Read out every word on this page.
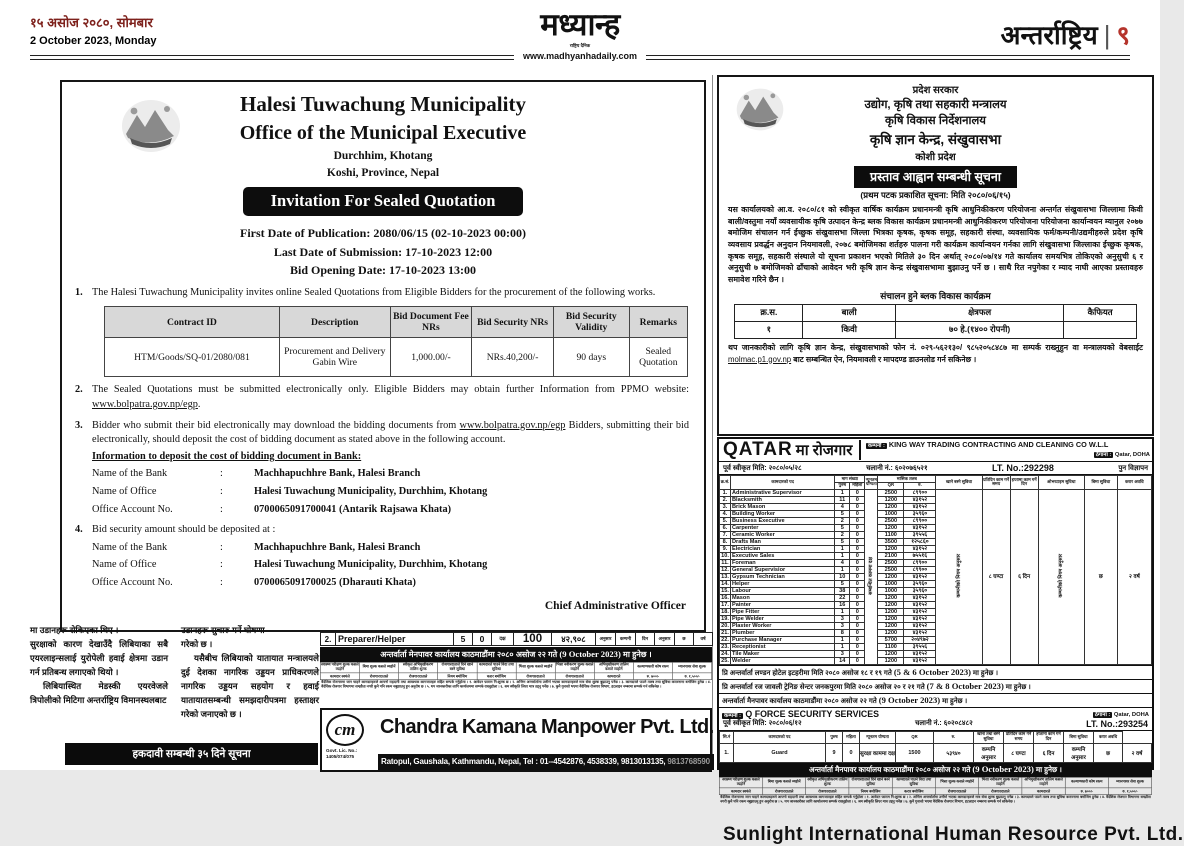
१५ असोज २०८०, सोमबार
2 October 2023, Monday	मध्यान्ह
राष्ट्रिय दैनिक	अन्तर्राष्ट्रिय | ९
www.madhyanhadaily.com
Halesi Tuwachung Municipality
Office of the Municipal Executive
Durchhim, Khotang
Koshi, Province, Nepal
Invitation For Sealed Quotation
First Date of Publication: 2080/06/15 (02-10-2023 00:00)
Last Date of Submission: 17-10-2023 12:00
Bid Opening Date: 17-10-2023 13:00
1. The Halesi Tuwachung Municipality invites online Sealed Quotations from Eligible Bidders for the procurement of the following works.
Contract ID	Description	Bid Document Fee NRs	Bid Security NRs	Bid Security Validity	Remarks
HTM/Goods/SQ-01/2080/081	Procurement and Delivery Gabin Wire	1,000.00/-	NRs.40,200/-	90 days	Sealed Quotation
2. The Sealed Quotations must be submitted electronically only. Eligible Bidders may obtain further Information from PPMO website: www.bolpatra.gov.np/egp.
3. Bidder who submit their bid electronically may download the bidding documents from www.bolpatra.gov.np/egp Bidders, submitting their bid electronically, should deposit the cost of bidding document as stated above in the following account.
Information to deposit the cost of bidding document in Bank:
Name of the Bank	:	Machhapuchhre Bank, Halesi Branch
Name of Office	:	Halesi Tuwachung Municipality, Durchhim, Khotang
Office Account No.	:	0700065091700041 (Antarik Rajsawa Khata)
4. Bid security amount should be deposited at :
Name of the Bank	:	Machhapuchhre Bank, Halesi Branch
Name of Office	:	Halesi Tuwachung Municipality, Durchhim, Khotang
Office Account No.	:	0700065091700025 (Dharauti Khata)
Chief Administrative Officer
प्रदेश सरकार
उद्योग, कृषि तथा सहकारी मन्त्रालय
कृषि विकास निर्देशनालय
कृषि ज्ञान केन्द्र, संखुवासभा
कोशी प्रदेश
प्रस्ताव आह्वान सम्बन्धी सूचना
(प्रथम पटक प्रकाशित सूचना: मिति २०८०/०६/१५)
यस कार्यालयको आ.व. २०८०/८१ को स्वीकृत वार्षिक कार्यक्रम प्रधानमन्त्री कृषि आधुनिकीकरण परियोजना अन्तर्गत संखुवासभा जिल्लामा किवी बाली/वस्तुमा नयाँ व्यवसायीक कृषि उत्पादन केन्द्र ब्लक विकास कार्यक्रम प्रधानमन्त्री आधुनिकीकरण परियोजना परियोजना कार्यान्वयन म्यानुल २०७७ बमोजिम संचालन गर्न ईच्छुक संखुवासभा जिल्ला भित्रका कृषक, कृषक समूह, सहकारी संस्था, व्यवसायिक फर्म/कम्पनी/उद्यमीहरुले प्रदेश कृषि व्यवसाय प्रवर्द्धन अनुदान नियमावली, २०७८ बमोजिमका शर्तहरु पालना गरी कार्यक्रम कार्यान्वयन गर्नका लागि संखुवासभा जिल्लाका ईच्छुक कृषक, कृषक समूह, सहकारी संस्थाले यो सूचना प्रकाशन भएको मितिले ३० दिन अर्थात् २०८०/०७/१४ गते कार्यालय समयभित्र तोकिएको अनुसुची ६ र अनुसुची ७ बमोजिमको ढाँचाको आवेदन भरी कृषि ज्ञान केन्द्र संखुवासभामा बुझाउनु पर्ने छ । साथै रित नपुगेका र म्याद नाघी आएका प्रस्तावहरु समावेश गरिने छैन ।
संचालन हुने ब्लक विकास कार्यक्रम
क्र.स.	बाली	क्षेत्रफल	कैफियत
१	किवी	७० हे.(१४०० रोपनी)	
थप जानकारीको लागि कृषि ज्ञान केन्द्र, संखुवासभाको फोन नं. ०२९-५६२१३०/ ९८५२०५८४८७ मा सम्पर्क राख्नुहुन वा मन्त्रालयको वेबसाईट molmac.p1.gov.np बाट सम्बन्धित ऐन, नियमावली र मापदण्ड डाउनलोड गर्न सकिनेछ ।
QATAR मा रोजगार	कम्पनी : KING WAY TRADING CONTRACTING AND CLEANING CO W.L.L
ठेगाना : Qatar, DOHA
पूर्व स्वीकृत मिति: २०८०/०५/२८	चलानी नं.: ६०२०७६५२१	LT. No.:292298	पुन विज्ञापन
क्र.सं.	कामदारको पद	माग संख्या		न्यूनतम योग्यता	मासिक तलब		खाने बस्ने सुविधा	प्रतिदिन काम गर्ने समय	हप्तामा काम गर्ने दिन	ओभरटाइम सुविधा	बिमा सुविधा	करार अवधि
		पुरुष	महिला		QR	रु.						
1.	Administrative Supervisor	1	0	सम्बन्धित काममा दक्ष	2500	८९९००	कम्पनीको नियम अनुसार	८ घण्टा	६ दिन	कम्पनीको नियम अनुसार	छ	२ वर्ष
2.	Blacksmith	11	0		1200	४३१५२						
3.	Brick Mason	4	0		1200	४३१५२						
4.	Building Worker	5	0		1000	३५९६०						
5.	Business Executive	2	0		2500	८९९००						
6.	Carpenter	5	0		1200	४३१५२						
7.	Ceramic Worker	2	0		1100	३९५५६						
8.	Drafts Man	5	0		3500	१२५८६०						
9.	Electrician	1	0		1200	४३१५२						
10.	Executive Sales	1	0		2100	७५५१६						
11.	Foreman	4	0		2500	८९९००						
12.	General Supervisior	1	0		2500	८९९००						
13.	Gypsum Technician	10	0		1200	४३१५२						
14.	Helper	5	0		1000	३५९६०						
15.	Labour	38	0		1000	३५९६०						
16.	Mason	22	0		1200	४३१५२						
17.	Painter	16	0		1200	४३१५२						
18.	Pipe Fitter	1	0		1200	४३१५२						
19.	Pipe Welder	3	0		1200	४३१५२						
20.	Plaster Worker	3	0		1200	४३१५२						
21.	Plumber	8	0		1200	४३१५२						
22.	Purchase Manager	1	0		5700	२०४९७२						
23.	Receptionist	1	0		1100	३९५५६						
24.	Tile Maker	3	0		1200	४३१५२						
25.	Welder	14	0		1200	४३१५२						
प्रि अन्तर्वार्ता लण्डन होटेल इटहरीमा मिति २०८० असोज १८ र १९ गते (5 & 6 October 2023) मा हुनेछ ।
प्रि अन्तर्वार्ता रज जावली ट्रेनिङ सेन्टर जनकपुरमा मिति २०८० असोज २० र २१ गते (7 & 8 October 2023) मा हुनेछ ।
अन्तर्वार्ता मैनपावर कार्यालय काठमाडौंमा २०८० असोज २२ गते (9 October 2023) मा हुनेछ ।
कम्पनी : Q FORCE SECURITY SERVICES	ठेगाना : Qatar, DOHA
पूर्व स्वीकृत मिति: २०८०/०६/१२	चलानी नं.: ६०२०८४८२	LT. No.:293254
सि.नं	कामदारको पद	पुरुष	महिला	न्यूनतम योग्यता	QR	रु.	खाना तथा बस्ने सुविधा	प्रतिदिन काम गर्ने समय	हप्तामा काम गर्ने दिन	बिमा सुविधा	करार अवधि	
1.	Guard	9	0	सुरक्षा काममा दक्ष	1500	५३९४०	कम्पनि अनुसार	८ घण्टा	६ दिन	कम्पनि अनुसार	छ	२ वर्ष
अन्तर्वार्ता मैनपावर कार्यालय काठमाडौंमा २०८० असोज २२ गते (9 October 2023) मा हुनेछ ।
स्वास्थ्य परीक्षण शुल्क कसले व्यहोर्ने	बिमा शुल्क कसले व्यहोर्ने	स्वीकृत अभिमुखीकरण तालिम शुल्क	रोजगारदाताले दिने खाने बस्ने सुविधा	कामदारले पाउने विदा तथा सुविधा	भिसा शुल्क कसले व्यहोर्ने	भिसा नवीकरण शुल्क कसले व्यहोर्ने	अभिमुखीकरण तालिम कसले व्यहोर्ने	कल्याणकारी कोष रकम	म्यानपावर सेवा शुल्क
कामदार स्वयंले	रोजगारदाताले	रोजगारदाताले	नियम बमोजिम	करार बमोजिम	रोजगारदाताले	रोजगारदाताले	कामदारले	रु. ७००/-	रु. १,५००/-
वैदेशिक रोजगारमा जान चाहने कामदारहरुले आफ्नो राहदानी तथा आवश्यक कागजातहरु सहित सम्पर्क गर्नुहोला । १. आवेदन फाराम नि:शुल्क छ । २. अन्तिम अन्तर्वार्तामा उत्तीर्ण भएका कामदारहरुले मात्र सेवा शुल्क बुझाउनु पर्नेछ । ३. कामदारले पाउने तलब तथा सुविधा करारनामा बमोजिम हुनेछ । ४. वैदेशिक रोजगार विभागमा सम्झौता नगरी कुनै पनि रकम नबुझाउनु हुन अनुरोध छ । ५. थप जानकारीका लागि कार्यालयमा सम्पर्क राख्नुहोला । ६. श्रम स्वीकृति लिएर मात्र उड्नु पर्नेछ । ७. कुनै गुनासो भएमा वैदेशिक रोजगार विभाग, हटलाइन नम्बरमा सम्पर्क गर्न सकिनेछ ।
Sunlight International Human Resource Pvt. Ltd.
2.	Preparer/Helper	5	0	दक्ष	100	४२,९०८	अनुसार	कम्पनी	दिन	अनुसार	छ	वर्ष
अन्तर्वार्ता मेनपावर कार्यालय काठमाडौंमा २०८० असोज २२ गते (9 October 2023) मा हुनेछ ।
स्वास्थ्य परीक्षण शुल्क कसले व्यहोर्ने	बिमा शुल्क कसले व्यहोर्ने	स्वीकृत अभिमुखीकरण तालिम शुल्क	रोजगारदाताले दिने खाने बस्ने सुविधा	कामदारले पाउने विदा तथा सुविधा	भिसा शुल्क कसले व्यहोर्ने	भिसा नवीकरण शुल्क कसले व्यहोर्ने	अभिमुखीकरण तालिम कसले व्यहोर्ने	कल्याणकारी कोष रकम	म्यानपावर सेवा शुल्क
कामदार स्वयंले	रोजगारदाताले	रोजगारदाताले	नियम बमोजिम	करार बमोजिम	रोजगारदाताले	रोजगारदाताले	कामदारले	रु. ७००/-	रु. १,५००/-
वैदेशिक रोजगारमा जान चाहने कामदारहरुले आफ्नो राहदानी तथा आवश्यक कागजातहरु सहित सम्पर्क गर्नुहोला । १. आवेदन फाराम नि:शुल्क छ । २. अन्तिम अन्तर्वार्तामा उत्तीर्ण भएका कामदारहरुले मात्र सेवा शुल्क बुझाउनु पर्नेछ । ३. कामदारले पाउने तलब तथा सुविधा करारनामा बमोजिम हुनेछ । ४. वैदेशिक रोजगार विभागमा सम्झौता नगरी कुनै पनि रकम नबुझाउनु हुन अनुरोध छ । ५. थप जानकारीका लागि कार्यालयमा सम्पर्क राख्नुहोला । ६. श्रम स्वीकृति लिएर मात्र उड्नु पर्नेछ । ७. कुनै गुनासो भएमा वैदेशिक रोजगार विभाग, हटलाइन नम्बरमा सम्पर्क गर्न सकिनेछ ।
cm
Govt. Lic. No.: 1405/074/075
Chandra Kamana Manpower Pvt. Ltd.
Ratopul, Gaushala, Kathmandu, Nepal, Tel : 01--4542876, 4538339, 9813013135, 9813768590
मा उडानहरू रोकिएका थिए ।
सुरक्षाको कारण देखाउँदै लिबियाका सबै एयरलाइन्सलाई युरोपेली हवाई क्षेत्रमा उडान गर्न प्रतिबन्ध लगाएको थियो ।
लिबियास्थित मेडस्की एयरवेजले त्रिपोलीको मिटिगा अन्तर्राष्ट्रिय विमानस्थलबाट
उडानहरू सुचारु गर्ने घोषणा
गरेको छ ।
यसैबीच लिबियाको यातायात मन्त्रालयले दुई देशका नागरिक उड्डयन प्राधिकरणले नागरिक उड्डयन सहयोग र हवाई यातायातसम्बन्धी समझदारीपत्रमा हस्ताक्षर गरेको जनाएको छ ।
हकदावी सम्बन्धी ३५ दिने सूचना
